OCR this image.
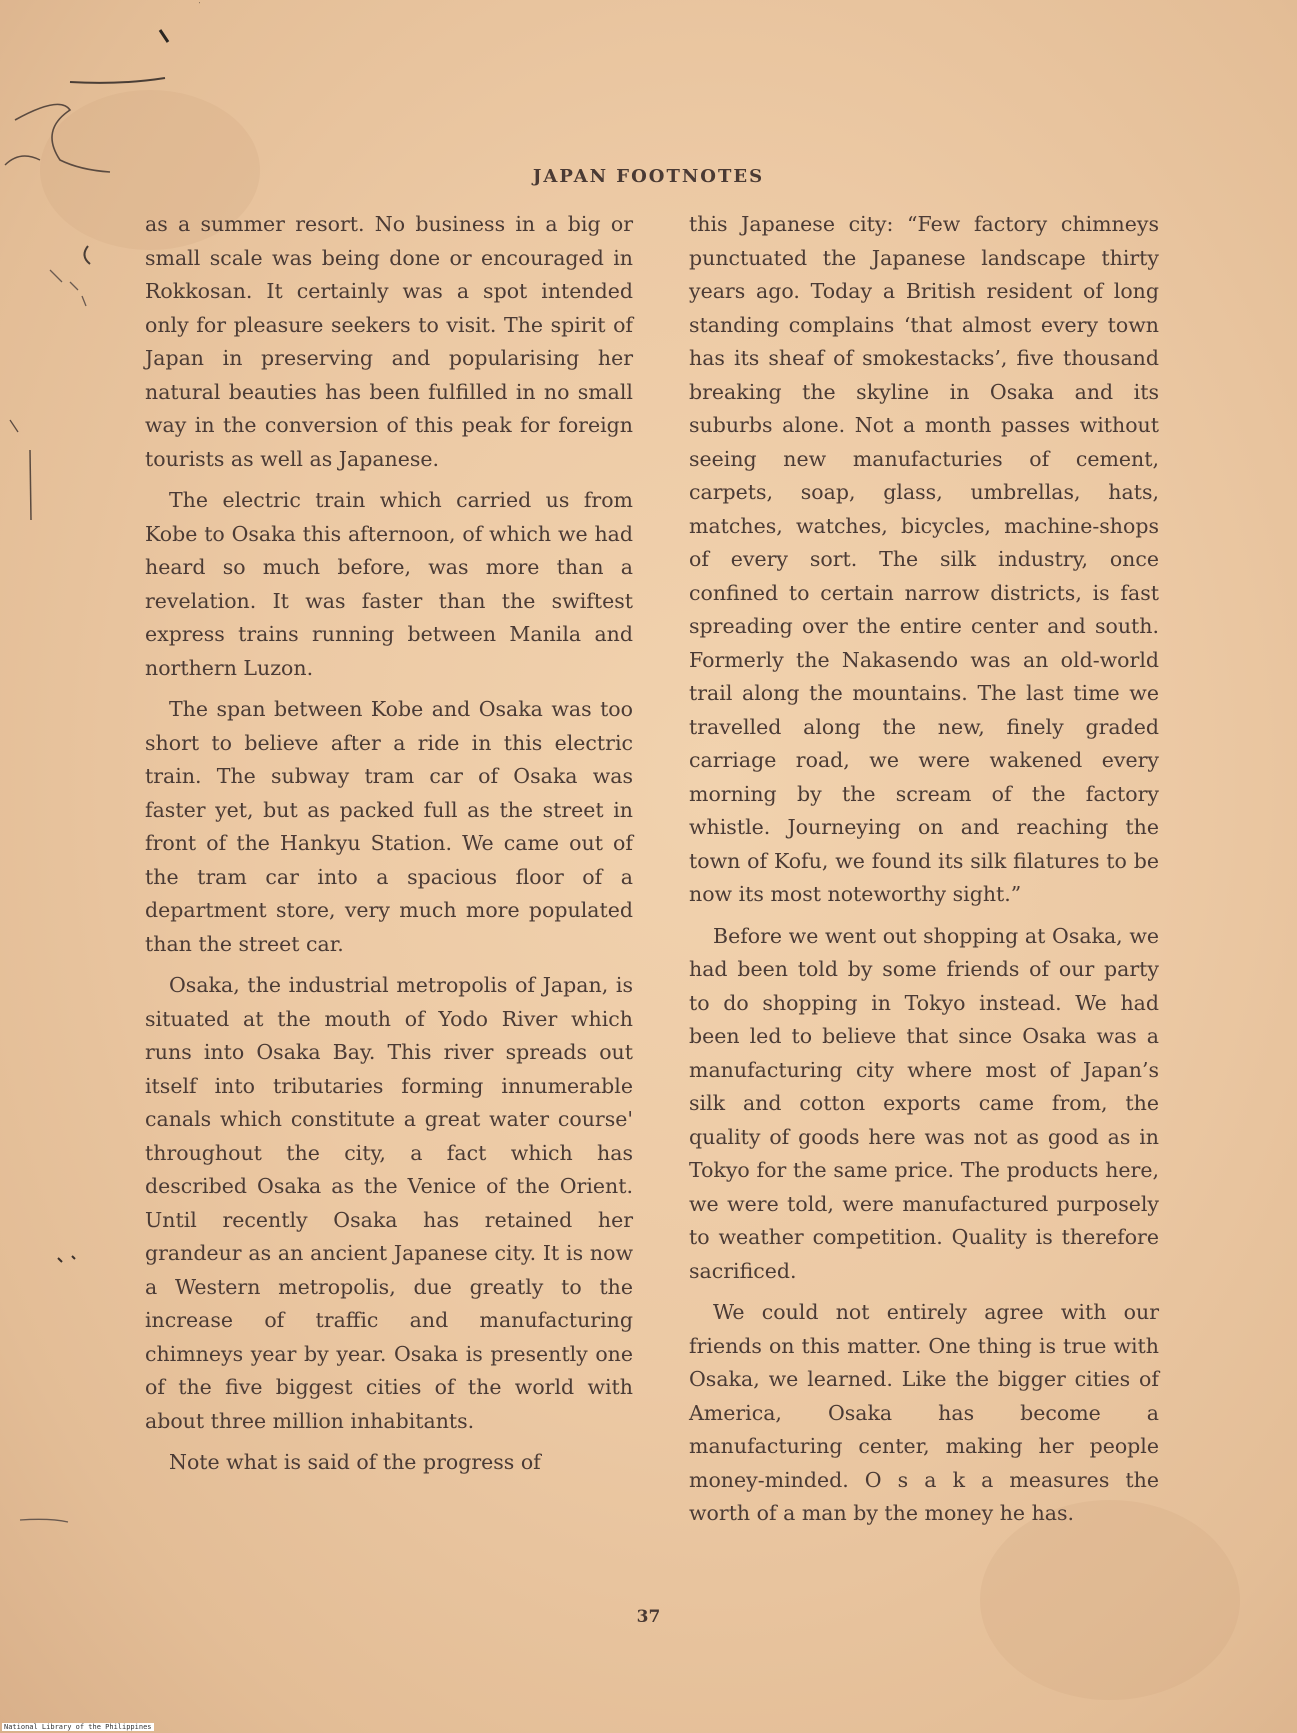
JAPAN FOOTNOTES

as a summer resort. No business in a big or small scale was being done or encouraged in Rokkosan. It certainly was a spot intended only for pleasure seekers to visit. The spirit of Japan in preserving and popularising her natural beauties has been fulfilled in no small way in the conversion of this peak for foreign tourists as well as Japanese.

The electric train which carried us from Kobe to Osaka this afternoon, of which we had heard so much before, was more than a revelation. It was faster than the swiftest express trains running between Manila and northern Luzon.

The span between Kobe and Osaka was too short to believe after a ride in this electric train. The subway tram car of Osaka was faster yet, but as packed full as the street in front of the Hankyu Station. We came out of the tram car into a spacious floor of a department store, very much more populated than the street car.

Osaka, the industrial metropolis of Japan, is situated at the mouth of Yodo River which runs into Osaka Bay. This river spreads out itself into tributaries forming innumerable canals which constitute a great water course' throughout the city, a fact which has described Osaka as the Venice of the Orient. Until recently Osaka has retained her grandeur as an ancient Japanese city. It is now a Western metropolis, due greatly to the increase of traffic and manufacturing chimneys year by year. Osaka is presently one of the five biggest cities of the world with about three million inhabitants.

Note what is said of the progress of

this Japanese city: “Few factory chimneys punctuated the Japanese landscape thirty years ago. Today a British resident of long standing complains ‘that almost every town has its sheaf of smokestacks’, five thousand breaking the skyline in Osaka and its suburbs alone. Not a month passes without seeing new manufacturies of cement, carpets, soap, glass, umbrellas, hats, matches, watches, bicycles, machine-shops of every sort. The silk industry, once confined to certain narrow districts, is fast spreading over the entire center and south. Formerly the Nakasendo was an old-world trail along the mountains. The last time we travelled along the new, finely graded carriage road, we were wakened every morning by the scream of the factory whistle. Journeying on and reaching the town of Kofu, we found its silk filatures to be now its most noteworthy sight.”

Before we went out shopping at Osaka, we had been told by some friends of our party to do shopping in Tokyo instead. We had been led to believe that since Osaka was a manufacturing city where most of Japan’s silk and cotton exports came from, the quality of goods here was not as good as in Tokyo for the same price. The products here, we were told, were manufactured purposely to weather competition. Quality is therefore sacrificed.

We could not entirely agree with our friends on this matter. One thing is true with Osaka, we learned. Like the bigger cities of America, Osaka has become a manufacturing center, making her people money-minded. O s a k a measures the worth of a man by the money he has.

37
National Library of the Philippines
